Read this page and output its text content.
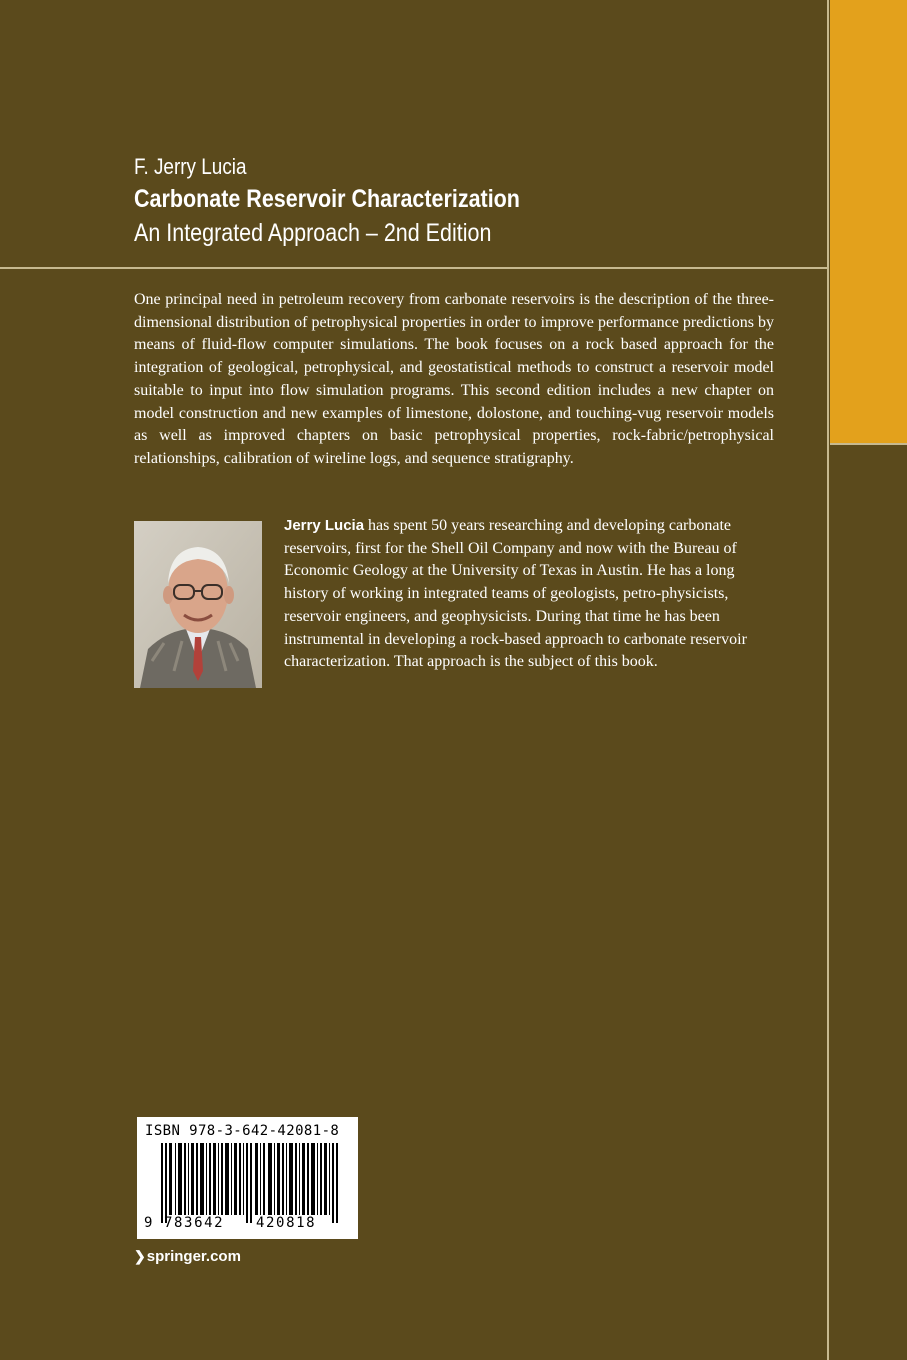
F. Jerry Lucia
Carbonate Reservoir Characterization
An Integrated Approach – 2nd Edition

One principal need in petroleum recovery from carbonate reservoirs is the description of the three-dimensional distribution of petrophysical properties in order to improve performance predictions by means of fluid-flow computer simulations. The book focuses on a rock based approach for the integration of geological, petrophysical, and geostatistical methods to construct a reservoir model suitable to input into flow simulation programs. This second edition includes a new chapter on model construction and new examples of limestone, dolostone, and touching-vug reservoir models as well as improved chapters on basic petrophysical properties, rock-fabric/petrophysical relationships, calibration of wireline logs, and sequence stratigraphy.

Jerry Lucia has spent 50 years researching and developing carbonate reservoirs, first for the Shell Oil Company and now with the Bureau of Economic Geology at the University of Texas in Austin. He has a long history of working in integrated teams of geologists, petro-physicists, reservoir engineers, and geophysicists. During that time he has been instrumental in developing a rock-based approach to carbonate reservoir characterization. That approach is the subject of this book.

ISBN 978-3-642-42081-8
9 783642 420818
❯springer.com
